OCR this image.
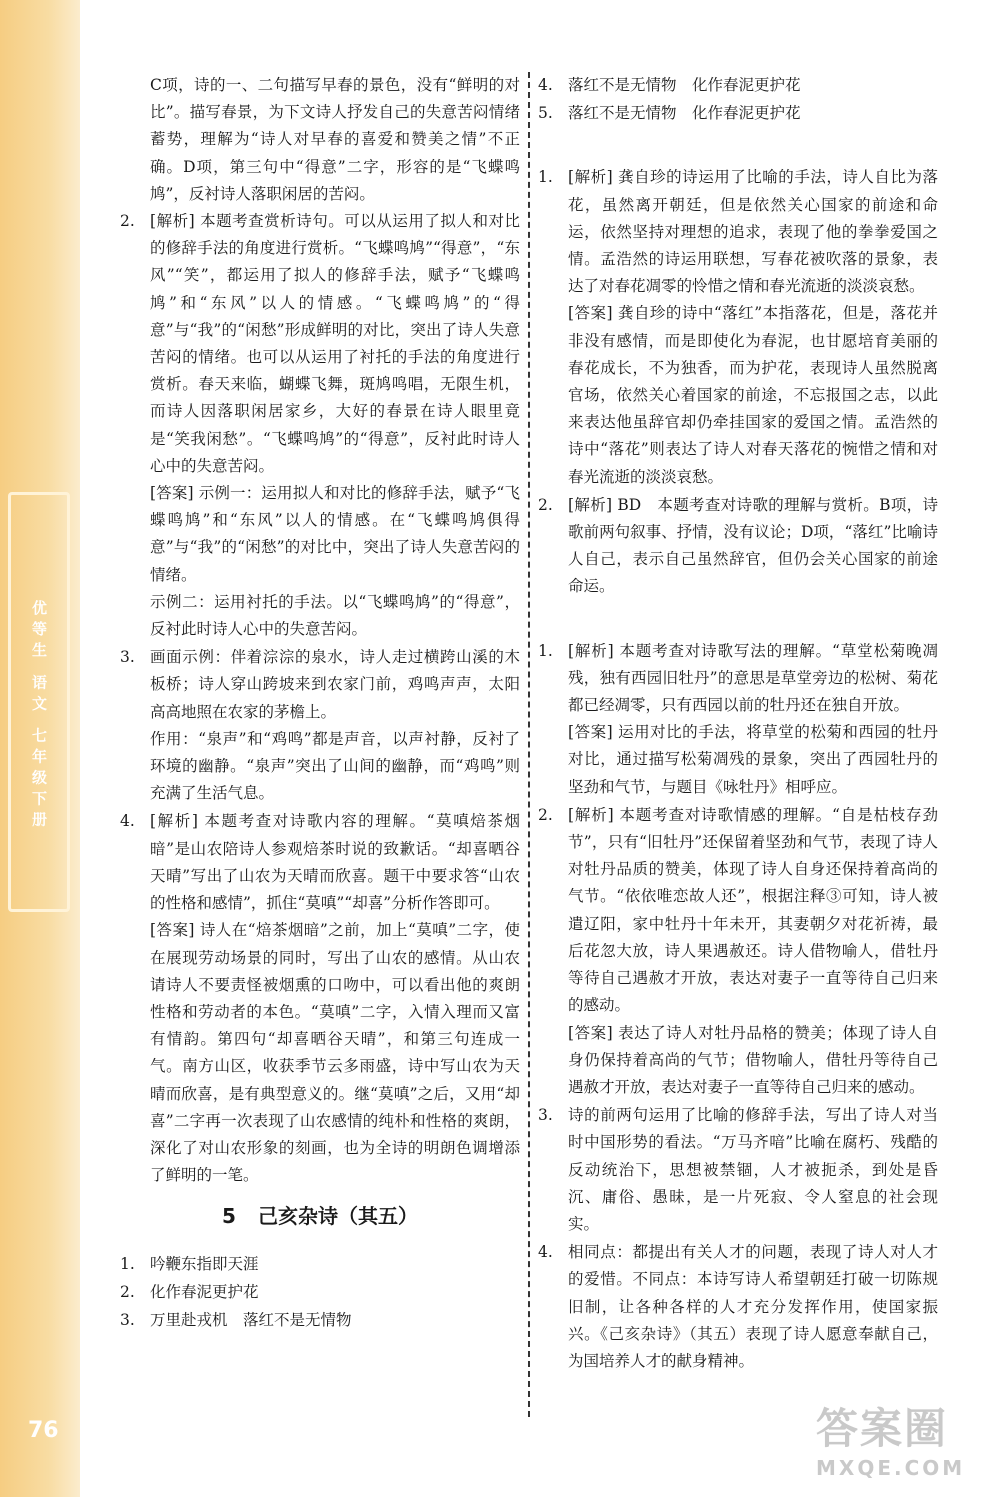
优等生 语文 七年级下册
76

C项，诗的一、二句描写早春的景色，没有“鲜明的对比”。描写春景，为下文诗人抒发自己的失意苦闷情绪蓄势，理解为“诗人对早春的喜爱和赞美之情”不正确。D项，第三句中“得意”二字，形容的是“飞蝶鸣鸠”，反衬诗人落职闲居的苦闷。

2. [解析] 本题考查赏析诗句。可以从运用了拟人和对比的修辞手法的角度进行赏析。“飞蝶鸣鸠”“得意”，“东风”“笑”，都运用了拟人的修辞手法，赋予“飞蝶鸣鸠”和“东风”以人的情感。“飞蝶鸣鸠”的“得意”与“我”的“闲愁”形成鲜明的对比，突出了诗人失意苦闷的情绪。也可以从运用了衬托的手法的角度进行赏析。春天来临，蝴蝶飞舞，斑鸠鸣唱，无限生机，而诗人因落职闲居家乡，大好的春景在诗人眼里竟是“笑我闲愁”。“飞蝶鸣鸠”的“得意”，反衬此时诗人心中的失意苦闷。

[答案] 示例一：运用拟人和对比的修辞手法，赋予“飞蝶鸣鸠”和“东风”以人的情感。在“飞蝶鸣鸠俱得意”与“我”的“闲愁”的对比中，突出了诗人失意苦闷的情绪。

示例二：运用衬托的手法。以“飞蝶鸣鸠”的“得意”，反衬此时诗人心中的失意苦闷。

3. 画面示例：伴着淙淙的泉水，诗人走过横跨山溪的木板桥；诗人穿山跨坡来到农家门前，鸡鸣声声，太阳高高地照在农家的茅檐上。

作用：“泉声”和“鸡鸣”都是声音，以声衬静，反衬了环境的幽静。“泉声”突出了山间的幽静，而“鸡鸣”则充满了生活气息。

4. [解析] 本题考查对诗歌内容的理解。“莫嗔焙茶烟暗”是山农陪诗人参观焙茶时说的致歉话。“却喜晒谷天晴”写出了山农为天晴而欣喜。题干中要求答“山农的性格和感情”，抓住“莫嗔”“却喜”分析作答即可。

[答案] 诗人在“焙茶烟暗”之前，加上“莫嗔”二字，使在展现劳动场景的同时，写出了山农的感情。从山农请诗人不要责怪被烟熏的口吻中，可以看出他的爽朗性格和劳动者的本色。“莫嗔”二字，入情入理而又富有情韵。第四句“却喜晒谷天晴”，和第三句连成一气。南方山区，收获季节云多雨盛，诗中写山农为天晴而欣喜，是有典型意义的。继“莫嗔”之后，又用“却喜”二字再一次表现了山农感情的纯朴和性格的爽朗，深化了对山农形象的刻画，也为全诗的明朗色调增添了鲜明的一笔。

5 己亥杂诗（其五）
1. 吟鞭东指即天涯

2. 化作春泥更护花

3. 万里赴戎机　落红不是无情物

4. 落红不是无情物　化作春泥更护花

5. 落红不是无情物　化作春泥更护花

1. [解析] 龚自珍的诗运用了比喻的手法，诗人自比为落花，虽然离开朝廷，但是依然关心国家的前途和命运，依然坚持对理想的追求，表现了他的拳拳爱国之情。孟浩然的诗运用联想，写春花被吹落的景象，表达了对春花凋零的怜惜之情和春光流逝的淡淡哀愁。

[答案] 龚自珍的诗中“落红”本指落花，但是，落花并非没有感情，而是即使化为春泥，也甘愿培育美丽的春花成长，不为独香，而为护花，表现诗人虽然脱离官场，依然关心着国家的前途，不忘报国之志，以此来表达他虽辞官却仍牵挂国家的爱国之情。孟浩然的诗中“落花”则表达了诗人对春天落花的惋惜之情和对春光流逝的淡淡哀愁。

2. [解析] BD　本题考查对诗歌的理解与赏析。B项，诗歌前两句叙事、抒情，没有议论；D项，“落红”比喻诗人自己，表示自己虽然辞官，但仍会关心国家的前途命运。

1. [解析] 本题考查对诗歌写法的理解。“草堂松菊晚凋残，独有西园旧牡丹”的意思是草堂旁边的松树、菊花都已经凋零，只有西园以前的牡丹还在独自开放。

[答案] 运用对比的手法，将草堂的松菊和西园的牡丹对比，通过描写松菊凋残的景象，突出了西园牡丹的坚劲和气节，与题目《咏牡丹》相呼应。

2. [解析] 本题考查对诗歌情感的理解。“自是枯枝存劲节”，只有“旧牡丹”还保留着坚劲和气节，表现了诗人对牡丹品质的赞美，体现了诗人自身还保持着高尚的气节。“依依唯恋故人还”，根据注释③可知，诗人被遣辽阳，家中牡丹十年未开，其妻朝夕对花祈祷，最后花忽大放，诗人果遇赦还。诗人借物喻人，借牡丹等待自己遇赦才开放，表达对妻子一直等待自己归来的感动。

[答案] 表达了诗人对牡丹品格的赞美；体现了诗人自身仍保持着高尚的气节；借物喻人，借牡丹等待自己遇赦才开放，表达对妻子一直等待自己归来的感动。

3. 诗的前两句运用了比喻的修辞手法，写出了诗人对当时中国形势的看法。“万马齐喑”比喻在腐朽、残酷的反动统治下，思想被禁锢，人才被扼杀，到处是昏沉、庸俗、愚昧，是一片死寂、令人窒息的社会现实。

4. 相同点：都提出有关人才的问题，表现了诗人对人才的爱惜。不同点：本诗写诗人希望朝廷打破一切陈规旧制，让各种各样的人才充分发挥作用，使国家振兴。《己亥杂诗》（其五）表现了诗人愿意奉献自己，为国培养人才的献身精神。

答案圈
MXQE.COM
